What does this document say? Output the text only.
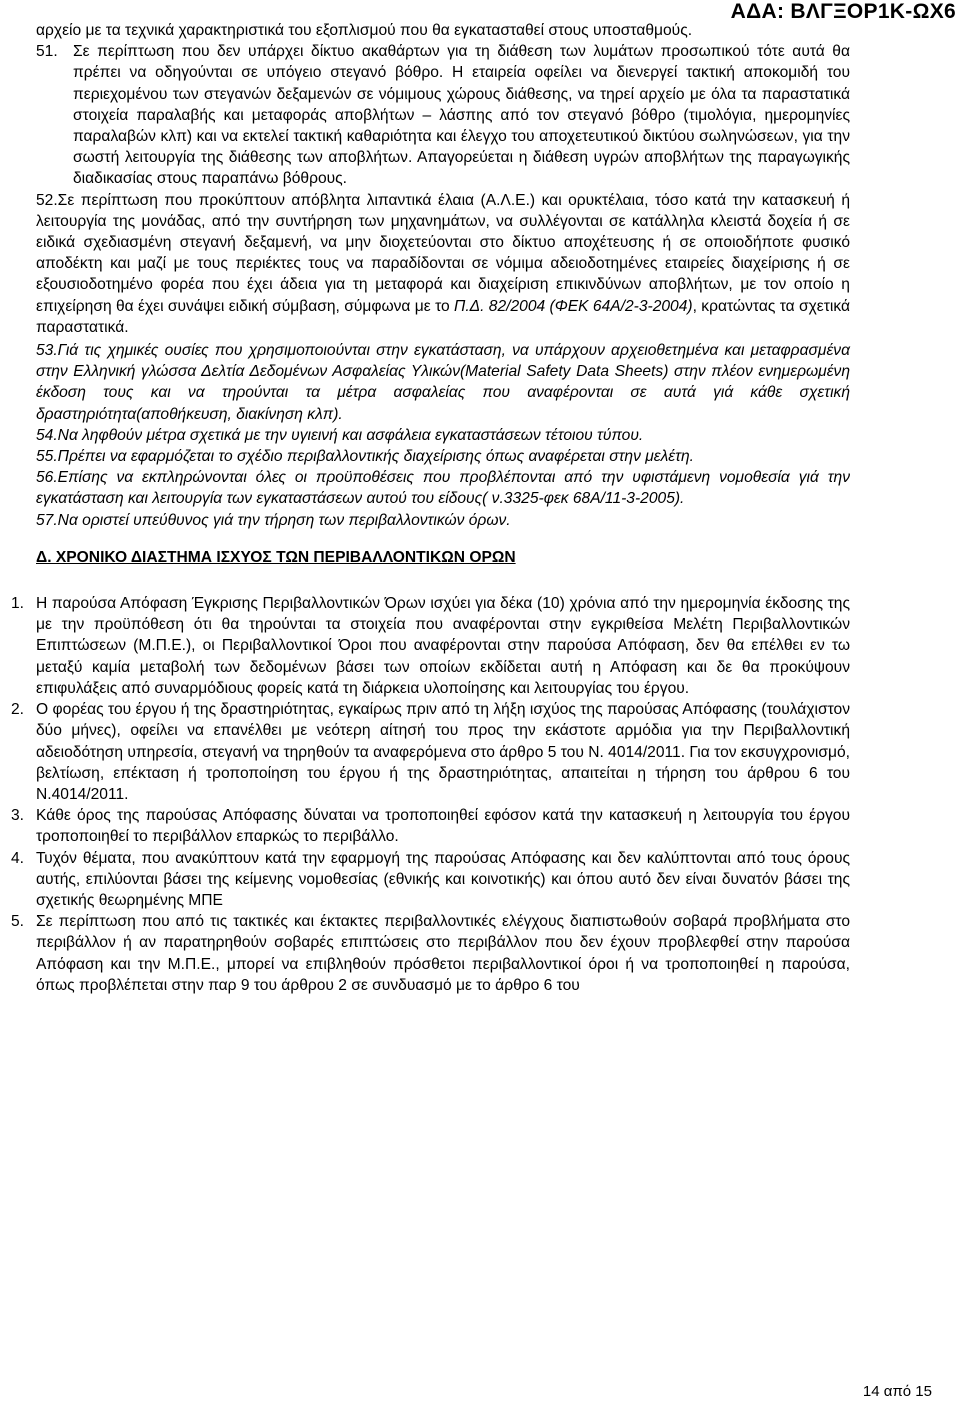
ΑΔΑ: ΒΛΓΞΟΡ1Κ-ΩΧ6

αρχείο με τα τεχνικά χαρακτηριστικά του εξοπλισμού που θα εγκατασταθεί στους υποσταθμούς.

51. Σε περίπτωση που δεν υπάρχει δίκτυο ακαθάρτων για τη διάθεση των λυμάτων προσωπικού τότε αυτά θα πρέπει να οδηγούνται σε υπόγειο στεγανό βόθρο. Η εταιρεία οφείλει να διενεργεί τακτική αποκομιδή του περιεχομένου των στεγανών δεξαμενών σε νόμιμους χώρους διάθεσης, να τηρεί αρχείο με όλα τα παραστατικά στοιχεία παραλαβής και μεταφοράς αποβλήτων – λάσπης από τον στεγανό βόθρο (τιμολόγια, ημερομηνίες παραλαβών κλπ) και να εκτελεί τακτική καθαριότητα και έλεγχο του αποχετευτικού δικτύου σωληνώσεων, για την σωστή λειτουργία της διάθεσης των αποβλήτων. Απαγορεύεται η διάθεση υγρών αποβλήτων της παραγωγικής διαδικασίας στους παραπάνω βόθρους.

52.Σε περίπτωση που προκύπτουν απόβλητα λιπαντικά έλαια (Α.Λ.Ε.) και ορυκτέλαια, τόσο κατά την κατασκευή ή λειτουργία της μονάδας, από την συντήρηση των μηχανημάτων, να συλλέγονται σε κατάλληλα κλειστά δοχεία ή σε ειδικά σχεδιασμένη στεγανή δεξαμενή, να μην διοχετεύονται στο δίκτυο αποχέτευσης ή σε οποιοδήποτε φυσικό αποδέκτη και μαζί με τους περιέκτες τους να παραδίδονται σε νόμιμα αδειοδοτημένες εταιρείες διαχείρισης ή σε εξουσιοδοτημένο φορέα που έχει άδεια για τη μεταφορά και διαχείριση επικινδύνων αποβλήτων, με τον οποίο η επιχείρηση θα έχει συνάψει ειδική σύμβαση, σύμφωνα με το Π.Δ. 82/2004 (ΦΕΚ 64Α/2-3-2004), κρατώντας τα σχετικά παραστατικά.

53.Γιά τις χημικές ουσίες που χρησιμοποιούνται στην εγκατάσταση, να υπάρχουν αρχειοθετημένα και μεταφρασμένα στην Ελληνική γλώσσα Δελτία Δεδομένων Ασφαλείας Υλικών(Material Safety Data Sheets) στην πλέον ενημερωμένη έκδοση τους και να τηρούνται τα μέτρα ασφαλείας που αναφέρονται σε αυτά γιά κάθε σχετική δραστηριότητα(αποθήκευση, διακίνηση κλπ).

54.Να ληφθούν μέτρα σχετικά με την υγιεινή και ασφάλεια εγκαταστάσεων τέτοιου τύπου.

55.Πρέπει να εφαρμόζεται το σχέδιο περιβαλλοντικής διαχείρισης όπως αναφέρεται στην μελέτη.

56.Επίσης να εκπληρώνονται όλες οι προϋποθέσεις που προβλέπονται από την υφιστάμενη νομοθεσία γιά την εγκατάσταση και λειτουργία των εγκαταστάσεων αυτού του είδους( ν.3325-φεκ 68Α/11-3-2005).

57.Να οριστεί υπεύθυνος γιά την τήρηση των περιβαλλοντικών όρων.

Δ. ΧΡΟΝΙΚΟ ΔΙΑΣΤΗΜΑ ΙΣΧΥΟΣ ΤΩΝ ΠΕΡΙΒΑΛΛΟΝΤΙΚΩΝ ΟΡΩΝ

1. Η παρούσα Απόφαση Έγκρισης Περιβαλλοντικών Όρων ισχύει για δέκα (10) χρόνια από την ημερομηνία έκδοσης της με την προϋπόθεση ότι θα τηρούνται τα στοιχεία που αναφέρονται στην εγκριθείσα Μελέτη Περιβαλλοντικών Επιπτώσεων (Μ.Π.Ε.), οι Περιβαλλοντικοί Όροι που αναφέρονται στην παρούσα Απόφαση, δεν θα επέλθει εν τω μεταξύ καμία μεταβολή των δεδομένων βάσει των οποίων εκδίδεται αυτή η Απόφαση και δε θα προκύψουν επιφυλάξεις από συναρμόδιους φορείς κατά τη διάρκεια υλοποίησης και λειτουργίας του έργου.
2. Ο φορέας του έργου ή της δραστηριότητας, εγκαίρως πριν από τη λήξη ισχύος της παρούσας Απόφασης (τουλάχιστον δύο μήνες), οφείλει να επανέλθει με νεότερη αίτησή του προς την εκάστοτε αρμόδια για την Περιβαλλοντική αδειοδότηση υπηρεσία, στεγανή να τηρηθούν τα αναφερόμενα στο άρθρο 5 του Ν. 4014/2011. Για τον εκσυγχρονισμό, βελτίωση, επέκταση ή τροποποίηση του έργου ή της δραστηριότητας, απαιτείται η τήρηση του άρθρου 6 του Ν.4014/2011.
3. Κάθε όρος της παρούσας Απόφασης δύναται να τροποποιηθεί εφόσον κατά την κατασκευή η λειτουργία του έργου τροποποιηθεί το περιβάλλον επαρκώς το περιβάλλο.
4. Τυχόν θέματα, που ανακύπτουν κατά την εφαρμογή της παρούσας Απόφασης και δεν καλύπτονται από τους όρους αυτής, επιλύονται βάσει της κείμενης νομοθεσίας (εθνικής και κοινοτικής) και όπου αυτό δεν είναι δυνατόν βάσει της σχετικής θεωρημένης ΜΠΕ
5. Σε περίπτωση που από τις τακτικές και έκτακτες περιβαλλοντικές ελέγχους διαπιστωθούν σοβαρά προβλήματα στο περιβάλλον ή αν παρατηρηθούν σοβαρές επιπτώσεις στο περιβάλλον που δεν έχουν προβλεφθεί στην παρούσα Απόφαση και την Μ.Π.Ε., μπορεί να επιβληθούν πρόσθετοι περιβαλλοντικοί όροι ή να τροποποιηθεί η παρούσα, όπως προβλέπεται στην παρ 9 του άρθρου 2 σε συνδυασμό με το άρθρο 6 του
14 από 15
